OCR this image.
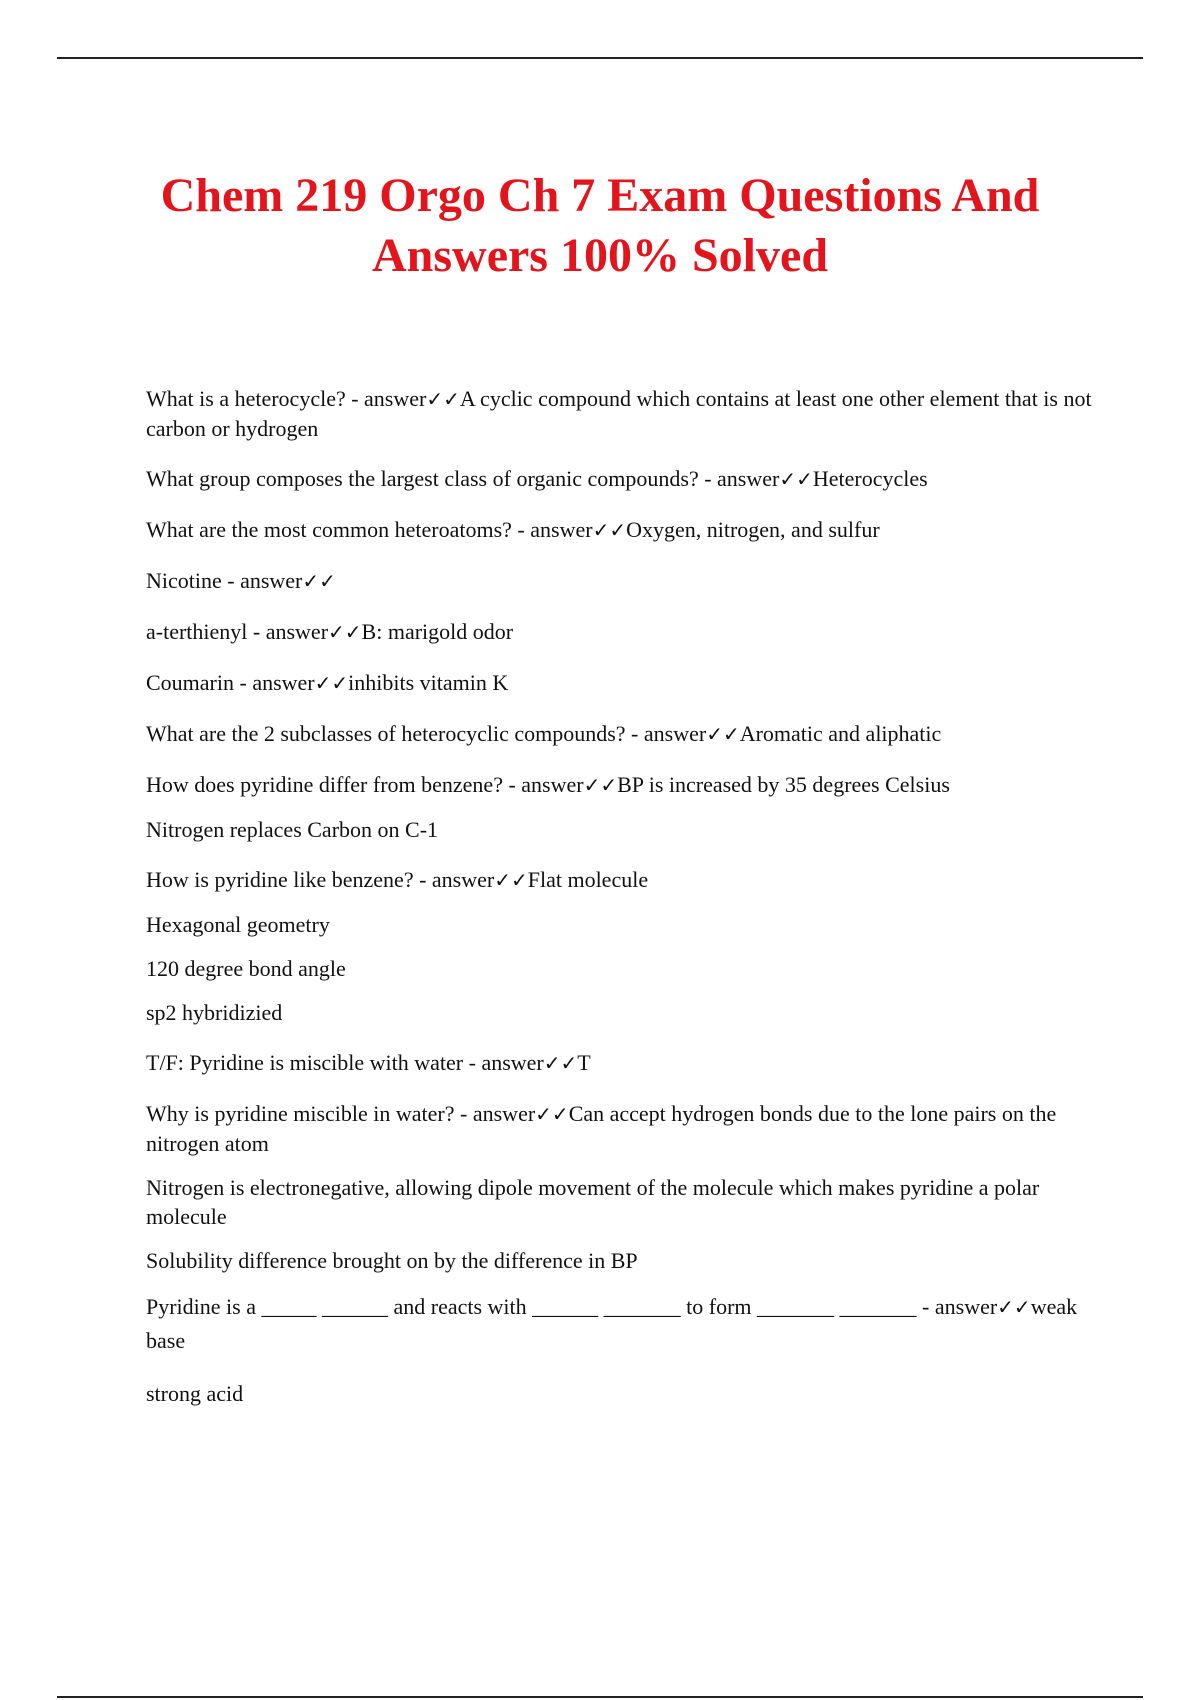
Chem 219 Orgo Ch 7 Exam Questions And
Answers 100% Solved

What is a heterocycle? - answer✓✓A cyclic compound which contains at least one other element that is not carbon or hydrogen

What group composes the largest class of organic compounds? - answer✓✓Heterocycles

What are the most common heteroatoms? - answer✓✓Oxygen, nitrogen, and sulfur

Nicotine - answer✓✓

a-terthienyl - answer✓✓B: marigold odor

Coumarin - answer✓✓inhibits vitamin K

What are the 2 subclasses of heterocyclic compounds? - answer✓✓Aromatic and aliphatic

How does pyridine differ from benzene? - answer✓✓BP is increased by 35 degrees Celsius

Nitrogen replaces Carbon on C-1

How is pyridine like benzene? - answer✓✓Flat molecule

Hexagonal geometry

120 degree bond angle

sp2 hybridizied

T/F: Pyridine is miscible with water - answer✓✓T

Why is pyridine miscible in water? - answer✓✓Can accept hydrogen bonds due to the lone pairs on the nitrogen atom

Nitrogen is electronegative, allowing dipole movement of the molecule which makes pyridine a polar molecule

Solubility difference brought on by the difference in BP

Pyridine is a _____ ______ and reacts with ______ _______ to form _______ _______ - answer✓✓weak base

strong acid
